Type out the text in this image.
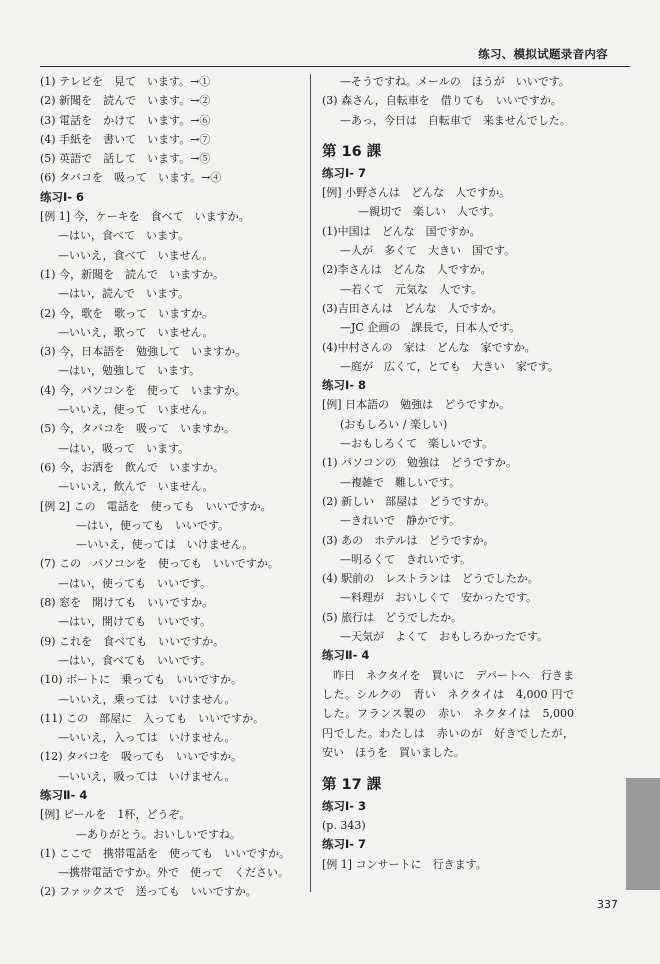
练习、模拟试题录音内容
(1) テレビを　見て　います。→①
(2) 新聞を　読んで　います。→②
(3) 電話を　かけて　います。→⑥
(4) 手紙を　書いて　います。→⑦
(5) 英語で　話して　います。→⑤
(6) タバコを　吸って　います。→④
练习Ⅰ- 6
[例 1] 今，ケーキを　食べて　いますか。
—はい，食べて　います。
—いいえ，食べて　いません。
(1) 今，新聞を　読んで　いますか。
—はい，読んで　います。
(2) 今，歌を　歌って　いますか。
—いいえ，歌って　いません。
(3) 今，日本語を　勉強して　いますか。
—はい，勉強して　います。
(4) 今，パソコンを　使って　いますか。
—いいえ，使って　いません。
(5) 今，タバコを　吸って　いますか。
—はい，吸って　います。
(6) 今，お酒を　飲んで　いますか。
—いいえ，飲んで　いません。
[例 2] この　電話を　使っても　いいですか。
—はい，使っても　いいです。
—いいえ，使っては　いけません。
(7) この　パソコンを　使っても　いいですか。
—はい，使っても　いいです。
(8) 窓を　開けても　いいですか。
—はい，開けても　いいです。
(9) これを　食べても　いいですか。
—はい，食べても　いいです。
(10) ボートに　乗っても　いいですか。
—いいえ，乗っては　いけません。
(11) この　部屋に　入っても　いいですか。
—いいえ，入っては　いけません。
(12) タバコを　吸っても　いいですか。
—いいえ，吸っては　いけません。
练习Ⅱ- 4
[例] ビールを　1杯，どうぞ。
—ありがとう。おいしいですね。
(1) ここで　携帯電話を　使っても　いいですか。
—携帯電話ですか。外で　使って　ください。
(2) ファックスで　送っても　いいですか。
—そうですね。メールの　ほうが　いいです。
(3) 森さん，自転車を　借りても　いいですか。
—あっ，今日は　自転車で　来ませんでした。
第 16 課
练习Ⅰ- 7
[例] 小野さんは　どんな　人ですか。
—親切で　楽しい　人です。
(1)中国は　どんな　国ですか。
—人が　多くて　大きい　国です。
(2)李さんは　どんな　人ですか。
—若くて　元気な　人です。
(3)吉田さんは　どんな　人ですか。
—JC 企画の　課長で，日本人です。
(4)中村さんの　家は　どんな　家ですか。
—庭が　広くて，とても　大きい　家です。
练习Ⅰ- 8
[例] 日本語の　勉強は　どうですか。
(おもしろい / 楽しい)
—おもしろくて　楽しいです。
(1) パソコンの　勉強は　どうですか。
—複雑で　難しいです。
(2) 新しい　部屋は　どうですか。
—きれいで　静かです。
(3) あの　ホテルは　どうですか。
—明るくて　きれいです。
(4) 駅前の　レストランは　どうでしたか。
—料理が　おいしくて　安かったです。
(5) 旅行は　どうでしたか。
—天気が　よくて　おもしろかったです。
练习Ⅱ- 4
昨日　ネクタイを　買いに　デパートへ　行きました。シルクの　青い　ネクタイは　4,000 円でした。フランス製の　赤い　ネクタイは　5,000 円でした。わたしは　赤いのが　好きでしたが，安い　ほうを　買いました。
第 17 課
练习Ⅰ- 3
(p. 343)
练习Ⅰ- 7
[例 1] コンサートに　行きます。
337
